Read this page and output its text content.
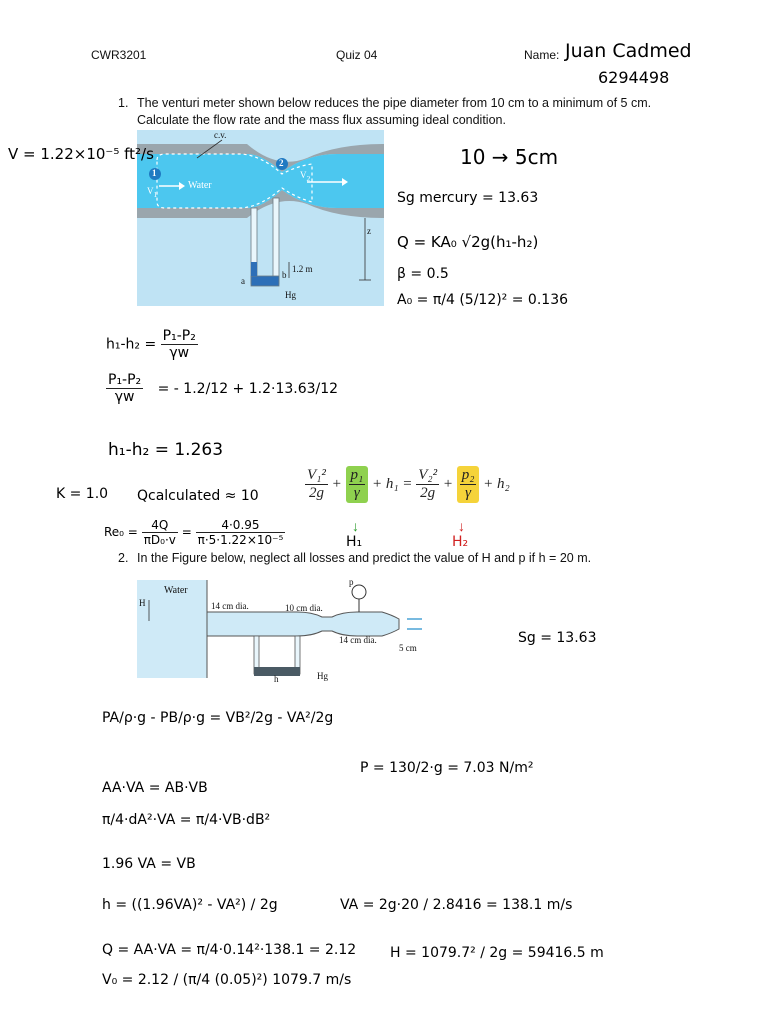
CWR3201	Quiz 04	Name: Juan Cadmed
6294498
1. The venturi meter shown below reduces the pipe diameter from 10 cm to a minimum of 5 cm.
Calculate the flow rate and the mass flux assuming ideal condition.
c.v.
1
2
$V_1$
$V_2$
Water
z
1.2 m
a
b
Hg
V = 1.22×10⁻⁵ ft²/s	10 → 5cm
Sg mercury = 13.63
Q = KA₀ √2g(h₁-h₂)
β = 0.5
A₀ = π/4 (5/12)² = 0.136
$h_1-h_2 = \frac{\text{P₁-P₂}}{\gamma w}$
$\frac{\text{P₁-P₂}}{\gamma w}$ = - 1.2/12 + 1.2·13.63/12
h₁-h₂ = 1.263
K = 1.0 Qcalculated ≈ 10
$Re_0 = \frac{4Q}{\text{πD₀·v}} = \frac{4\cdot 0.95}{\text{π·5·1.22×10⁻⁵}}$
$\frac{\text{V₁²}}{2g} + \frac{\text{p₁}}{\gamma} + h_1 = \frac{\text{V₂²}}{2g} + \frac{\text{p₂}}{\gamma} + h_2$
↓	↓
H₁	H₂
2. In the Figure below, neglect all losses and predict the value of H and p if h = 20 m.
Water
H	14 cm dia.	10 cm dia.
14 cm dia.
5 cm
p
h	Hg
Sg = 13.63
PA/ρ·g - PB/ρ·g = VB²/2g - VA²/2g
P = 130/2·g = 7.03 N/m²
AA·VA = AB·VB
π/4·dA²·VA = π/4·VB·dB²
1.96 VA = VB
h = ((1.96VA)² - VA²) / 2g	VA = 2g·20 / 2.8416 = 138.1 m/s
Q = AA·VA = π/4·0.14²·138.1 = 2.12 H = 1079.7² / 2g = 59416.5 m
V₀ = 2.12 / (π/4 (0.05)²) 1079.7 m/s
